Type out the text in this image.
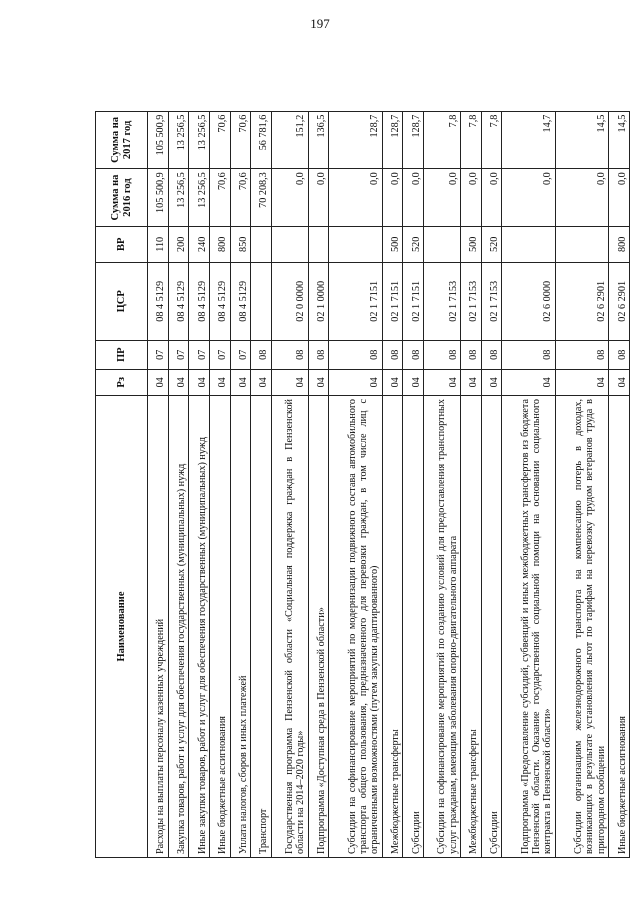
197
Наименование	Рз	ПР	ЦСР	ВР	Сумма на 2016 год	Сумма на 2017 год
Расходы на выплаты персоналу казенных учреждений	04	07	08 4 5129	110	105 500,9	105 500,9
Закупка товаров, работ и услуг для обеспечения государственных (муниципальных) нужд	04	07	08 4 5129	200	13 256,5	13 256,5
Иные закупки товаров, работ и услуг для обеспечения государственных (муниципальных) нужд	04	07	08 4 5129	240	13 256,5	13 256,5
Иные бюджетные ассигнования	04	07	08 4 5129	800	70,6	70,6
Уплата налогов, сборов и иных платежей	04	07	08 4 5129	850	70,6	70,6
Транспорт	04	08			70 208,3	56 781,6
Государственная программа Пензенской области «Социальная поддержка граждан в Пензенской области на 2014–2020 годы»	04	08	02 0 0000		0,0	151,2
Подпрограмма «Доступная среда в Пензенской области»	04	08	02 1 0000		0,0	136,5
Субсидии на софинансирование мероприятий по модернизации подвижного состава автомобильного транспорта общего пользования, предназначенного для перевозки граждан, в том числе лиц с ограниченными возможностями (путем закупки адаптированного)	04	08	02 1 7151		0,0	128,7
Межбюджетные трансферты	04	08	02 1 7151	500	0,0	128,7
Субсидии	04	08	02 1 7151	520	0,0	128,7
Субсидии на софинансирование мероприятий по созданию условий для предоставления транспортных услуг гражданам, имеющим заболевания опорно-двигательного аппарата	04	08	02 1 7153		0,0	7,8
Межбюджетные трансферты	04	08	02 1 7153	500	0,0	7,8
Субсидии	04	08	02 1 7153	520	0,0	7,8
Подпрограмма «Предоставление субсидий, субвенций и иных межбюджетных трансфертов из бюджета Пензенской области. Оказание государственной социальной помощи на основании социального контракта в Пензенской области»	04	08	02 6 0000		0,0	14,7
Субсидии организациям железнодорожного транспорта на компенсацию потерь в доходах, возникающих в результате установления льгот по тарифам на перевозку трудом ветеранов труда в пригородном сообщении	04	08	02 6 2901		0,0	14,5
Иные бюджетные ассигнования	04	08	02 6 2901	800	0,0	14,5
